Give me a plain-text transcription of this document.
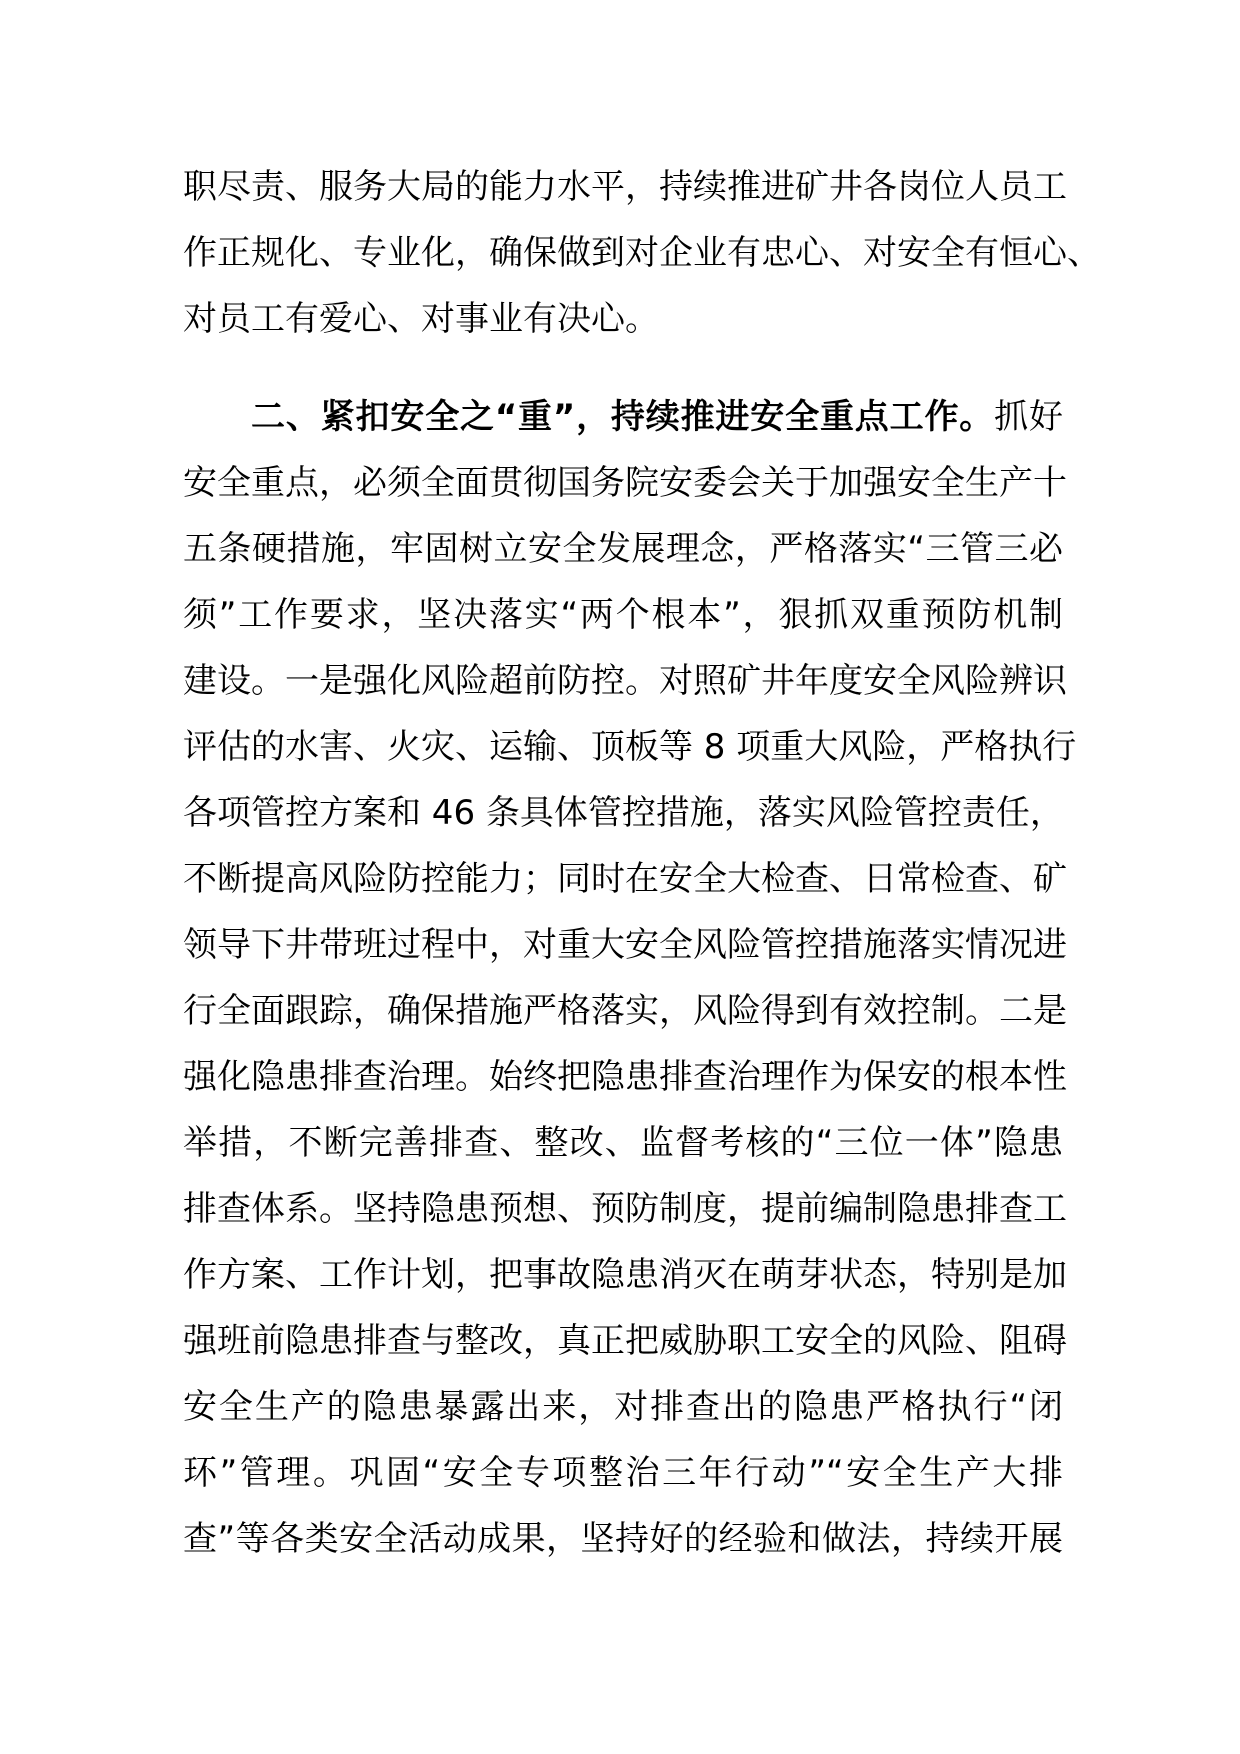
职尽责、服务大局的能力水平，持续推进矿井各岗位人员工
作正规化、专业化，确保做到对企业有忠心、对安全有恒心、
对员工有爱心、对事业有决心。
二、紧扣安全之“重”，持续推进安全重点工作。抓好
安全重点，必须全面贯彻国务院安委会关于加强安全生产十
五条硬措施，牢固树立安全发展理念，严格落实“三管三必
须”工作要求，坚决落实“两个根本”，狠抓双重预防机制
建设。一是强化风险超前防控。对照矿井年度安全风险辨识
评估的水害、火灾、运输、顶板等 8 项重大风险，严格执行
各项管控方案和 46 条具体管控措施，落实风险管控责任，
不断提高风险防控能力；同时在安全大检查、日常检查、矿
领导下井带班过程中，对重大安全风险管控措施落实情况进
行全面跟踪，确保措施严格落实，风险得到有效控制。二是
强化隐患排查治理。始终把隐患排查治理作为保安的根本性
举措，不断完善排查、整改、监督考核的“三位一体”隐患
排查体系。坚持隐患预想、预防制度，提前编制隐患排查工
作方案、工作计划，把事故隐患消灭在萌芽状态，特别是加
强班前隐患排查与整改，真正把威胁职工安全的风险、阻碍
安全生产的隐患暴露出来，对排查出的隐患严格执行“闭
环”管理。巩固“安全专项整治三年行动”“安全生产大排
查”等各类安全活动成果，坚持好的经验和做法，持续开展
